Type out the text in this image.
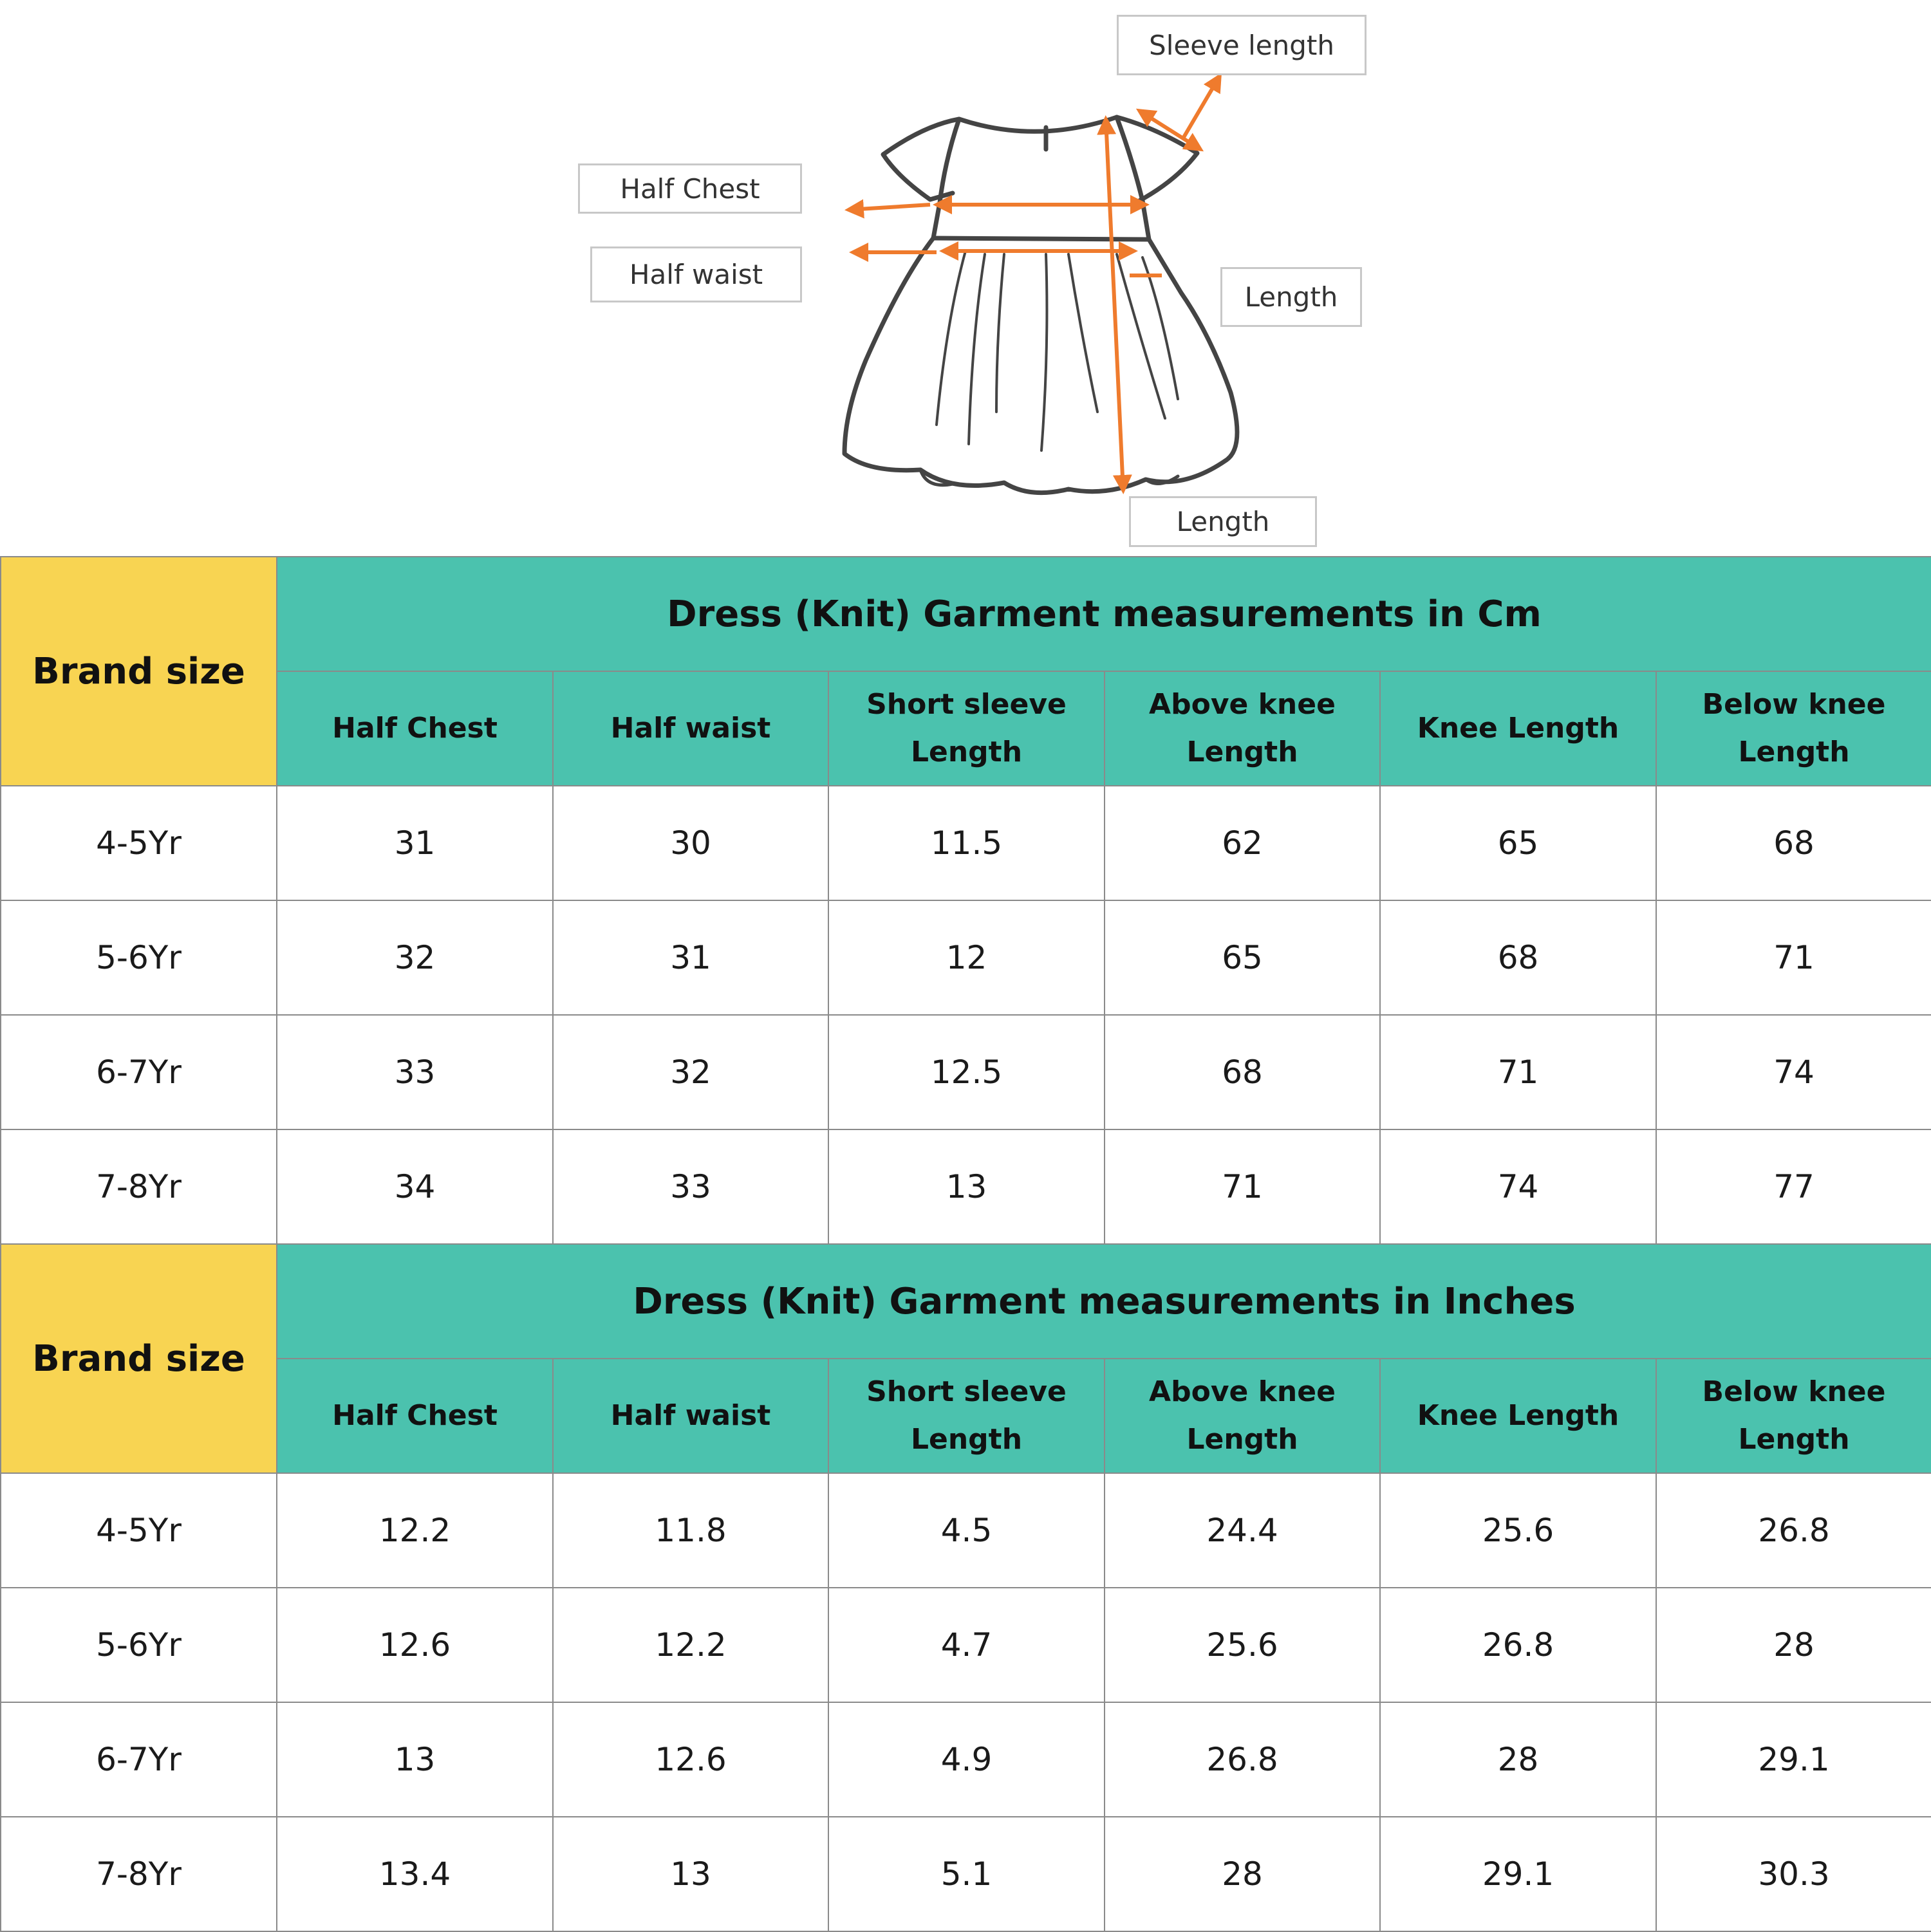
Sleeve length
Half Chest
Half waist
Length
Length
Brand size	Dress (Knit) Garment measurements in Cm					
	Half Chest	Half waist	Short sleeve Length	Above knee Length	Knee Length	Below knee Length
4-5Yr	31	30	11.5	62	65	68
5-6Yr	32	31	12	65	68	71
6-7Yr	33	32	12.5	68	71	74
7-8Yr	34	33	13	71	74	77
Brand size	Dress (Knit) Garment measurements in Inches					
	Half Chest	Half waist	Short sleeve Length	Above knee Length	Knee Length	Below knee Length
4-5Yr	12.2	11.8	4.5	24.4	25.6	26.8
5-6Yr	12.6	12.2	4.7	25.6	26.8	28
6-7Yr	13	12.6	4.9	26.8	28	29.1
7-8Yr	13.4	13	5.1	28	29.1	30.3
